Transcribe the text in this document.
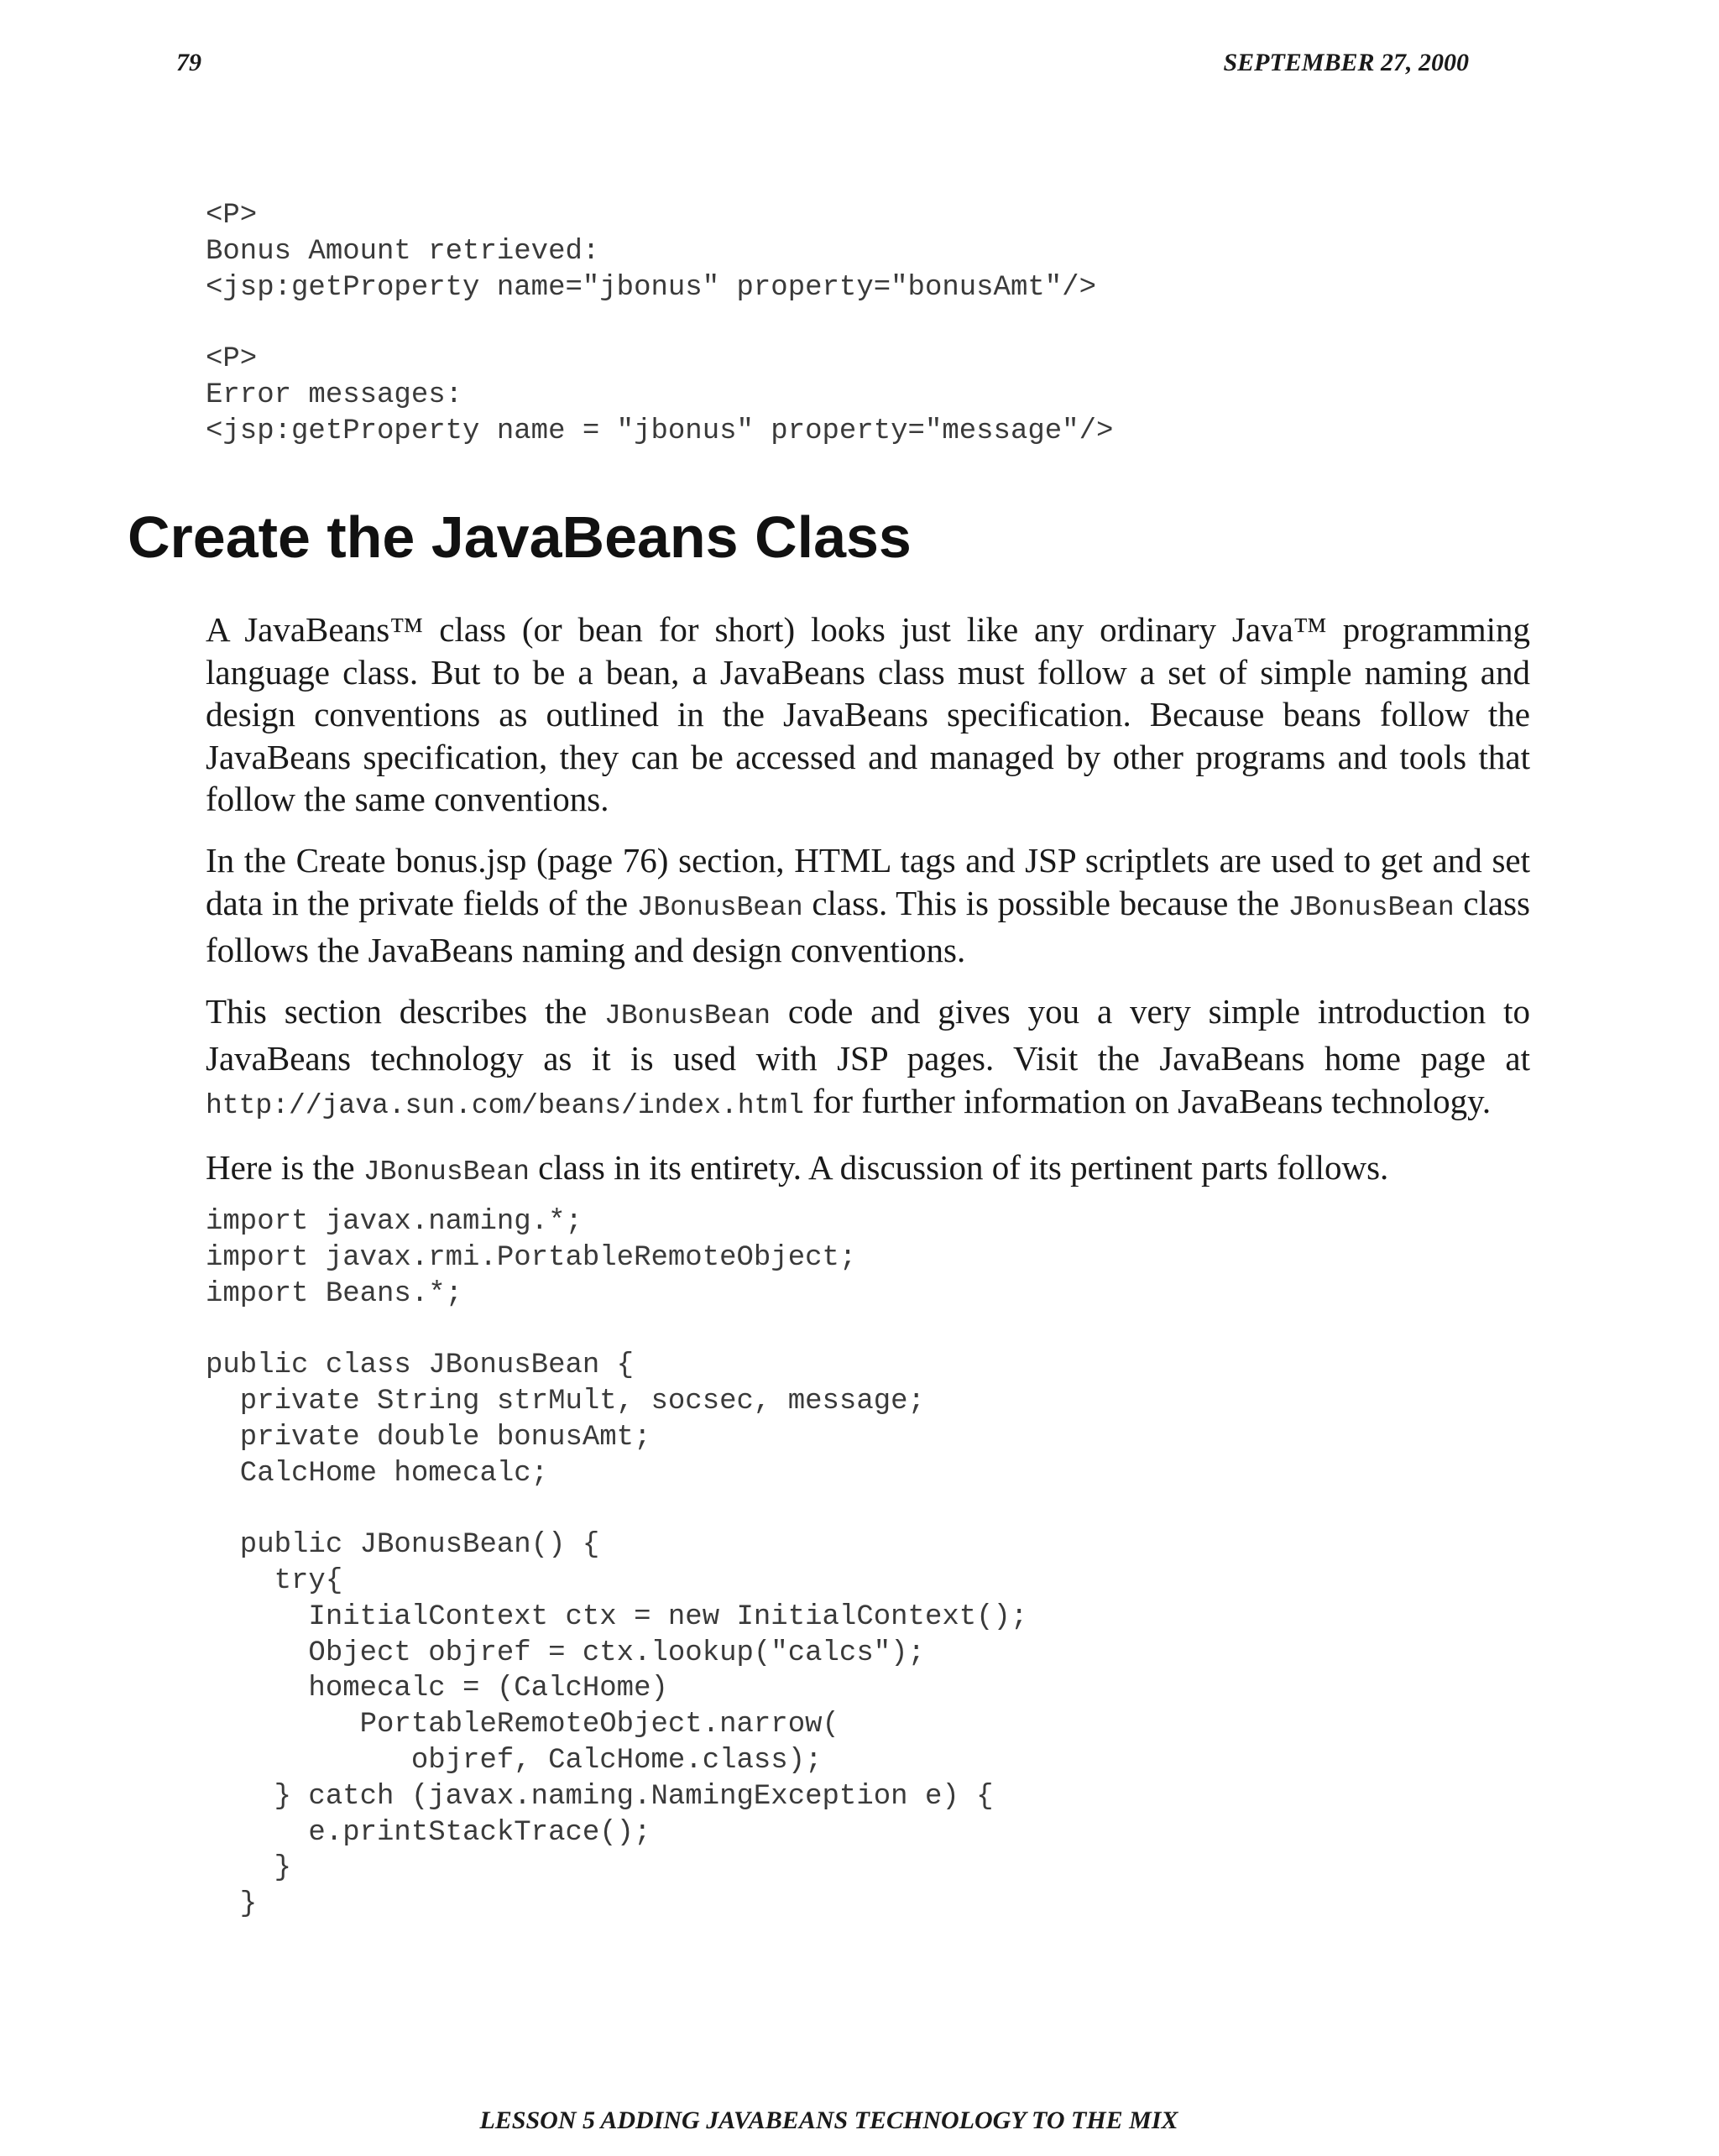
79	SEPTEMBER 27, 2000
<P>
Bonus Amount retrieved:
<jsp:getProperty name="jbonus" property="bonusAmt"/>

<P>
Error messages:
<jsp:getProperty name = "jbonus" property="message"/>
Create the JavaBeans Class

A JavaBeans™ class (or bean for short) looks just like any ordinary Java™ programming language class. But to be a bean, a JavaBeans class must follow a set of simple naming and design conventions as outlined in the JavaBeans specification. Because beans follow the JavaBeans specification, they can be accessed and managed by other programs and tools that follow the same conventions.

In the Create bonus.jsp (page 76) section, HTML tags and JSP scriptlets are used to get and set data in the private fields of the JBonusBean class. This is possible because the JBonusBean class follows the JavaBeans naming and design conventions.

This section describes the JBonusBean code and gives you a very simple introduction to JavaBeans technology as it is used with JSP pages. Visit the JavaBeans home page at http://java.sun.com/beans/index.html for further information on JavaBeans technology.

Here is the JBonusBean class in its entirety. A discussion of its pertinent parts follows.

import javax.naming.*;
import javax.rmi.PortableRemoteObject;
import Beans.*;

public class JBonusBean {
private String strMult, socsec, message;
private double bonusAmt;
CalcHome homecalc;

public JBonusBean() {
try{
InitialContext ctx = new InitialContext();
Object objref = ctx.lookup("calcs");
homecalc = (CalcHome)
PortableRemoteObject.narrow(
objref, CalcHome.class);
} catch (javax.naming.NamingException e) {
e.printStackTrace();
}
}
LESSON 5 ADDING JAVABEANS TECHNOLOGY TO THE MIX
